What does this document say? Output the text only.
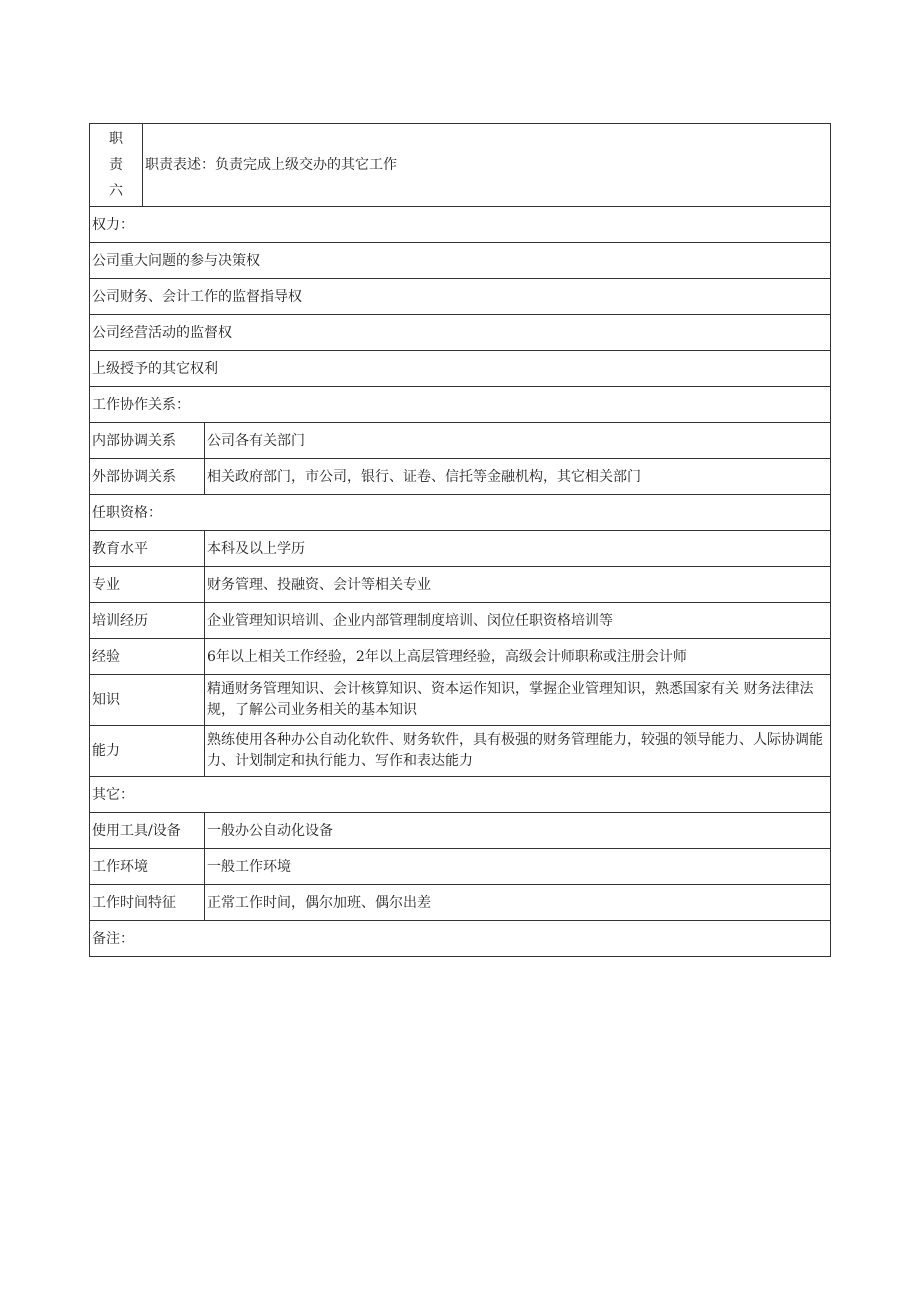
职
责
六	职责表述：负责完成上级交办的其它工作	
权力：		
公司重大问题的参与决策权		
公司财务、会计工作的监督指导权		
公司经营活动的监督权		
上级授予的其它权利		
工作协作关系：		
内部协调关系		公司各有关部门
外部协调关系		相关政府部门，市公司，银行、证卷、信托等金融机构，其它相关部门
任职资格：		
教育水平		本科及以上学历
专业		财务管理、投融资、会计等相关专业
培训经历		企业管理知识培训、企业内部管理制度培训、闵位任职资格培训等
经验		6年以上相关工作经验，2年以上高层管理经验，高级会计师职称或注册会计师
知识		精通财务管理知识、会计核算知识、资本运作知识，掌握企业管理知识，熟悉国家有关 财务法律法规，了解公司业务相关的基本知识
能力		熟练使用各种办公自动化软件、财务软件，具有极强的财务管理能力，较强的领导能力、人际协调能力、计划制定和执行能力、写作和表达能力
其它：		
使用工具/设备		一般办公自动化设备
工作环境		一般工作环境
工作时间特征		正常工作时间，偶尔加班、偶尔出差
备注：		
